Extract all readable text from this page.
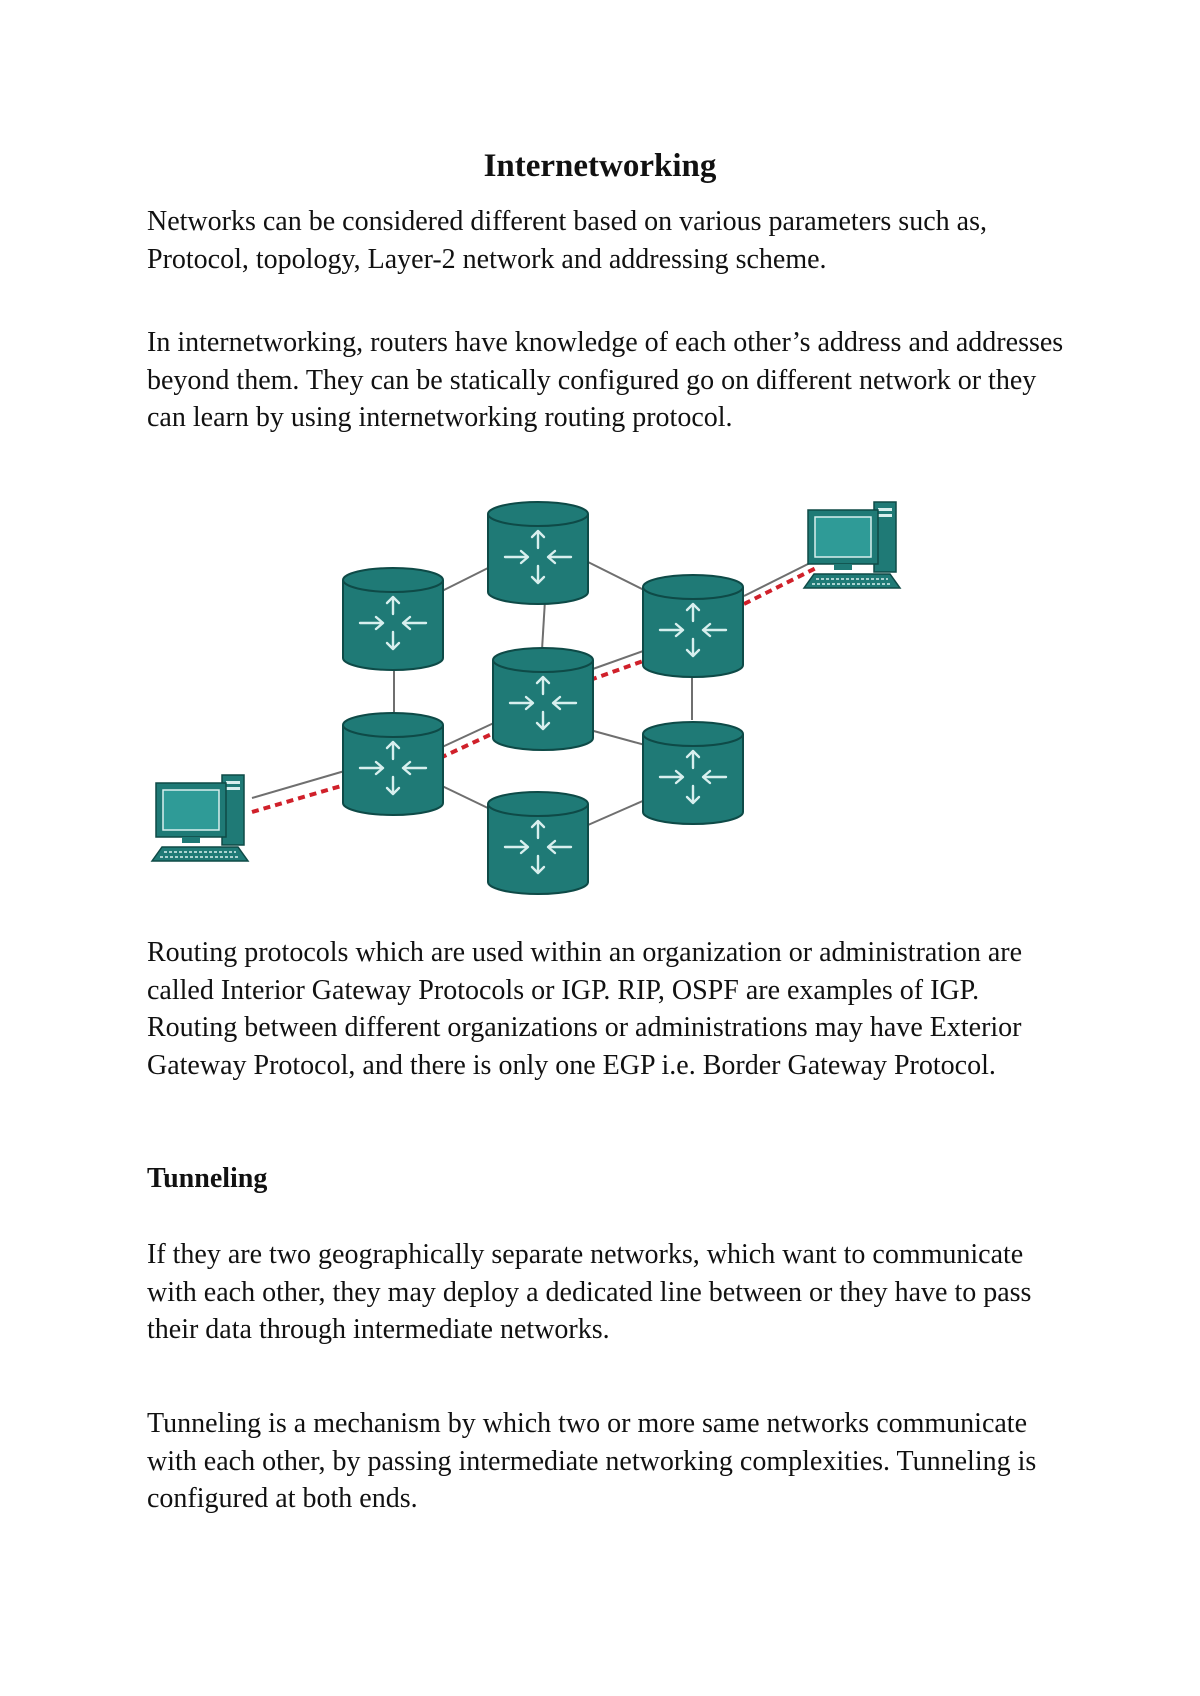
Internetworking

Networks can be considered different based on various parameters such as, Protocol, topology, Layer-2 network and addressing scheme.

In internetworking, routers have knowledge of each other’s address and addresses beyond them. They can be statically configured go on different network or they can learn by using internetworking routing protocol.

Routing protocols which are used within an organization or administration are called Interior Gateway Protocols or IGP. RIP, OSPF are examples of IGP. Routing between different organizations or administrations may have Exterior Gateway Protocol, and there is only one EGP i.e. Border Gateway Protocol.

Tunneling

If they are two geographically separate networks, which want to communicate with each other, they may deploy a dedicated line between or they have to pass their data through intermediate networks.

Tunneling is a mechanism by which two or more same networks communicate with each other, by passing intermediate networking complexities. Tunneling is configured at both ends.
